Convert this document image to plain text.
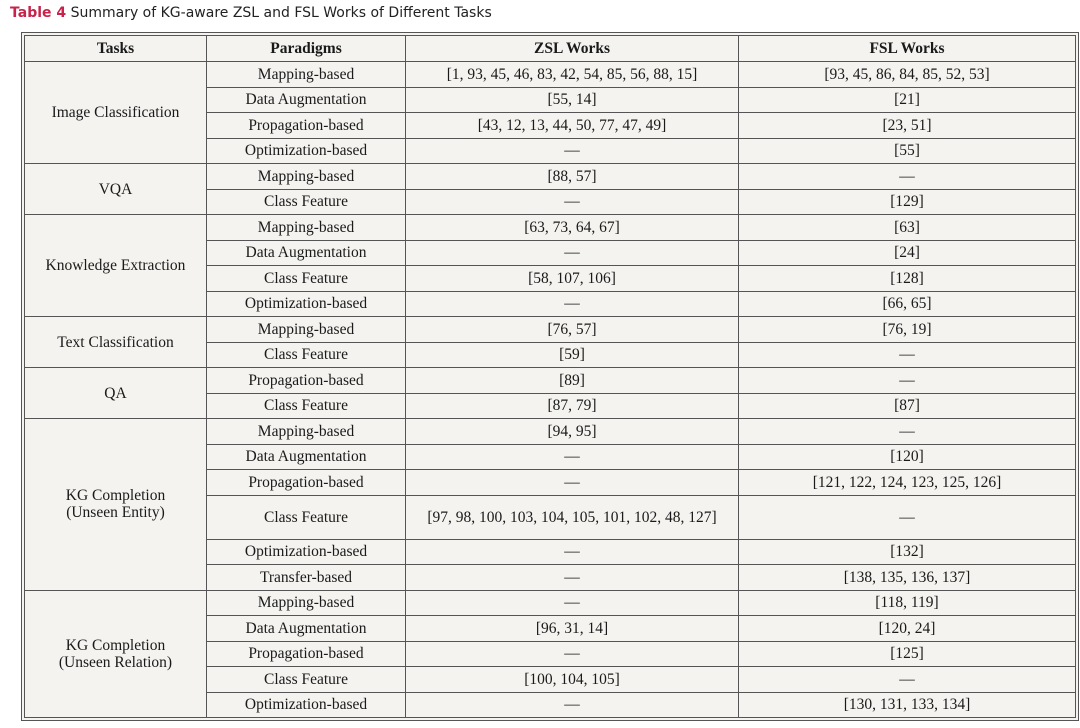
Table 4 Summary of KG-aware ZSL and FSL Works of Different Tasks
Tasks	Paradigms	ZSL Works	FSL Works
Image Classification	Mapping-based	[1, 93, 45, 46, 83, 42, 54, 85, 56, 88, 15]	[93, 45, 86, 84, 85, 52, 53]
	Data Augmentation	[55, 14]	[21]
	Propagation-based	[43, 12, 13, 44, 50, 77, 47, 49]	[23, 51]
	Optimization-based	—	[55]
VQA	Mapping-based	[88, 57]	—
	Class Feature	—	[129]
Knowledge Extraction	Mapping-based	[63, 73, 64, 67]	[63]
	Data Augmentation	—	[24]
	Class Feature	[58, 107, 106]	[128]
	Optimization-based	—	[66, 65]
Text Classification	Mapping-based	[76, 57]	[76, 19]
	Class Feature	[59]	—
QA	Propagation-based	[89]	—
	Class Feature	[87, 79]	[87]
KG Completion
(Unseen Entity)	Mapping-based	[94, 95]	—
	Data Augmentation	—	[120]
	Propagation-based	—	[121, 122, 124, 123, 125, 126]
	Class Feature	[97, 98, 100, 103, 104, 105, 101, 102, 48, 127]	—
	Optimization-based	—	[132]
	Transfer-based	—	[138, 135, 136, 137]
KG Completion
(Unseen Relation)	Mapping-based	—	[118, 119]
	Data Augmentation	[96, 31, 14]	[120, 24]
	Propagation-based	—	[125]
	Class Feature	[100, 104, 105]	—
	Optimization-based	—	[130, 131, 133, 134]
